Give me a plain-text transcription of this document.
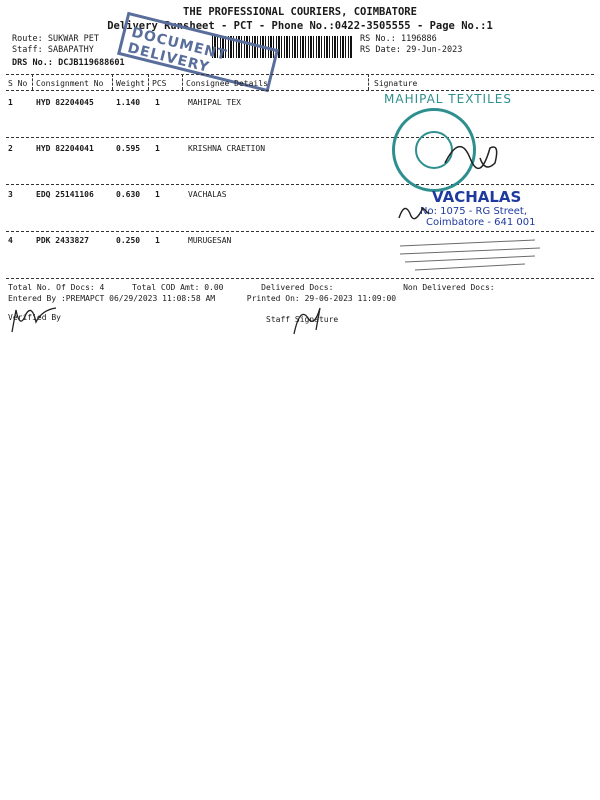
THE PROFESSIONAL COURIERS, COIMBATORE
Delivery Runsheet - PCT - Phone No.:0422-3505555 - Page No.:1
Route: SUKWAR PET
Staff: SABAPATHY
DRS No.: DCJB119688601
RS No.: 1196886
RS Date: 29-Jun-2023
DOCUMENT DELIVERY
S No Consignment No Weight PCS Consignee Details	Signature
1	HYD 82204045	1.140 1	MAHIPAL TEX
2	HYD 82204041	0.595 1	KRISHNA CRAETION
3	EDQ 25141106	0.630 1	VACHALAS
4	PDK 2433827	0.250 1	MURUGESAN
MAHIPAL TEXTILES
VACHALAS
No: 1075 - RG Street,
Coimbatore - 641 001
Total No. Of Docs: 4	Total COD Amt: 0.00	Delivered Docs:	Non Delivered Docs:
Entered By :PREMAPCT 06/29/2023 11:08:58 AM	Printed On: 29-06-2023 11:09:00
Verified By	Staff Signature
